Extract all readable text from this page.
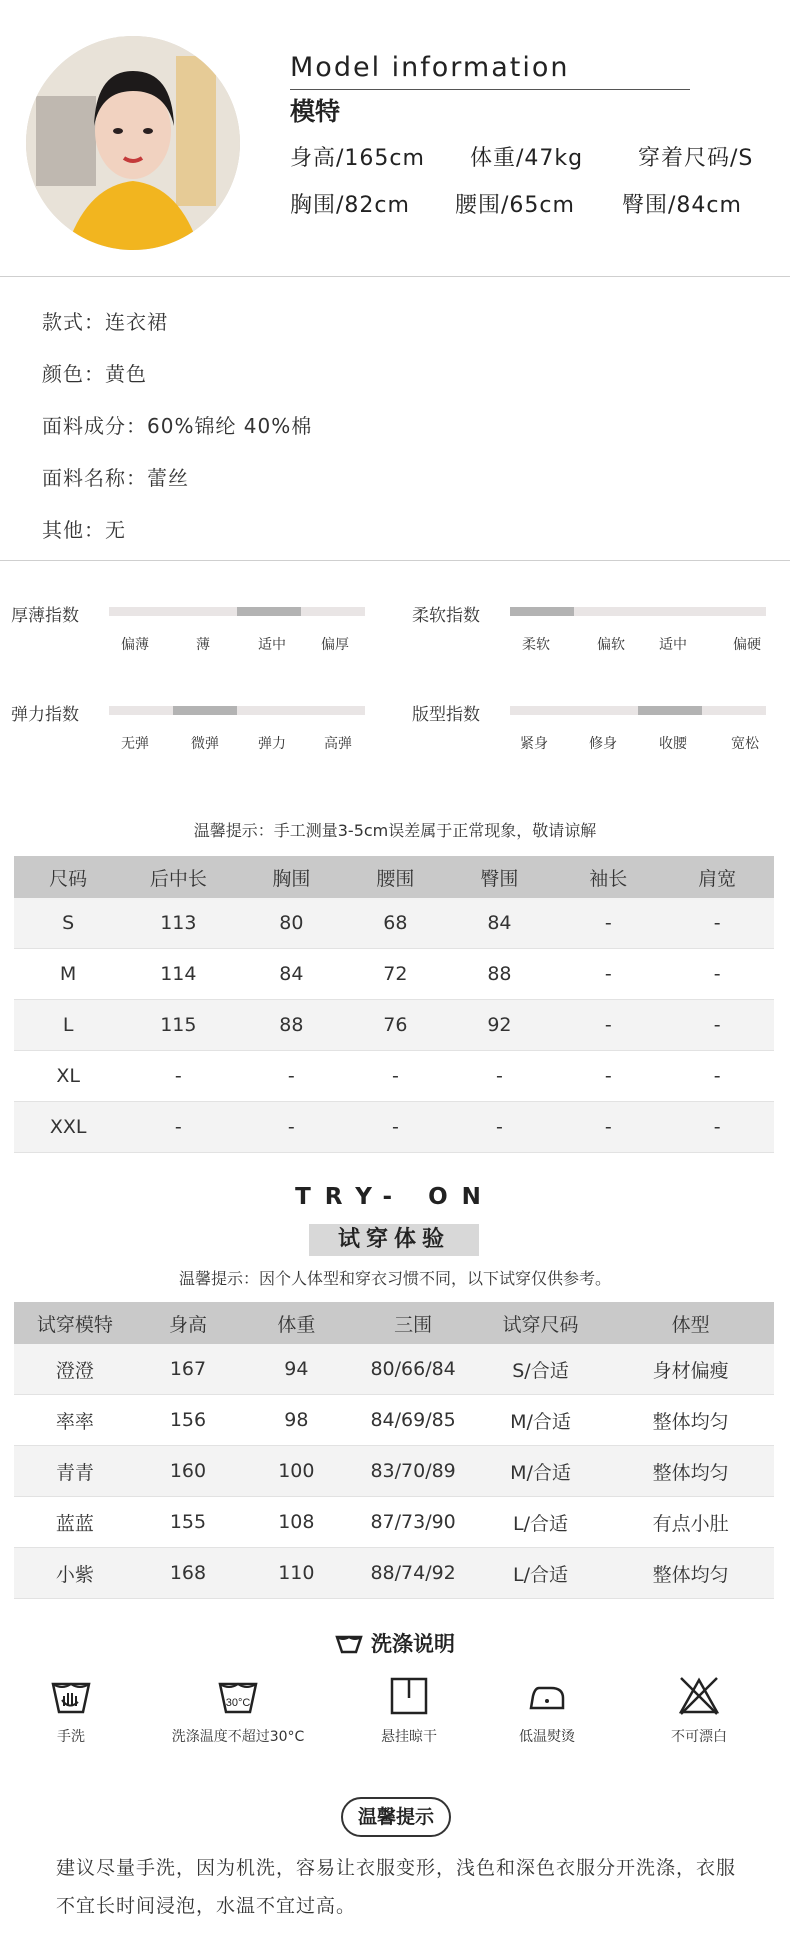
Model information
模特
身高/165cm 体重/47kg 穿着尺码/S
胸围/82cm 腰围/65cm 臀围/84cm
款式：连衣裙
颜色：黄色
面料成分：60%锦纶 40%棉
面料名称：蕾丝
其他：无
厚薄指数
偏薄	薄	适中	偏厚
柔软指数
柔软	偏软	适中	偏硬
弹力指数
无弹	微弹	弹力	高弹
版型指数
紧身	修身	收腰	宽松
温馨提示：手工测量3-5cm误差属于正常现象，敬请谅解
尺码	后中长	胸围	腰围	臀围	袖长	肩宽
S	113	80	68	84	-	-
M	114	84	72	88	-	-
L	115	88	76	92	-	-
XL	-	-	-	-	-	-
XXL	-	-	-	-	-	-
TRY- ON
试穿体验
温馨提示：因个人体型和穿衣习惯不同，以下试穿仅供参考。
试穿模特	身高	体重	三围	试穿尺码	体型
澄澄	167	94	80/66/84	S/合适	身材偏瘦
率率	156	98	84/69/85	M/合适	整体均匀
青青	160	100	83/70/89	M/合适	整体均匀
蓝蓝	155	108	87/73/90	L/合适	有点小肚
小紫	168	110	88/74/92	L/合适	整体均匀
洗涤说明
手洗
30°C
洗涤温度不超过30°C	悬挂晾干	低温熨烫	不可漂白
温馨提示
建议尽量手洗，因为机洗，容易让衣服变形，浅色和深色衣服分开洗涤，衣服不宜长时间浸泡，水温不宜过高。
